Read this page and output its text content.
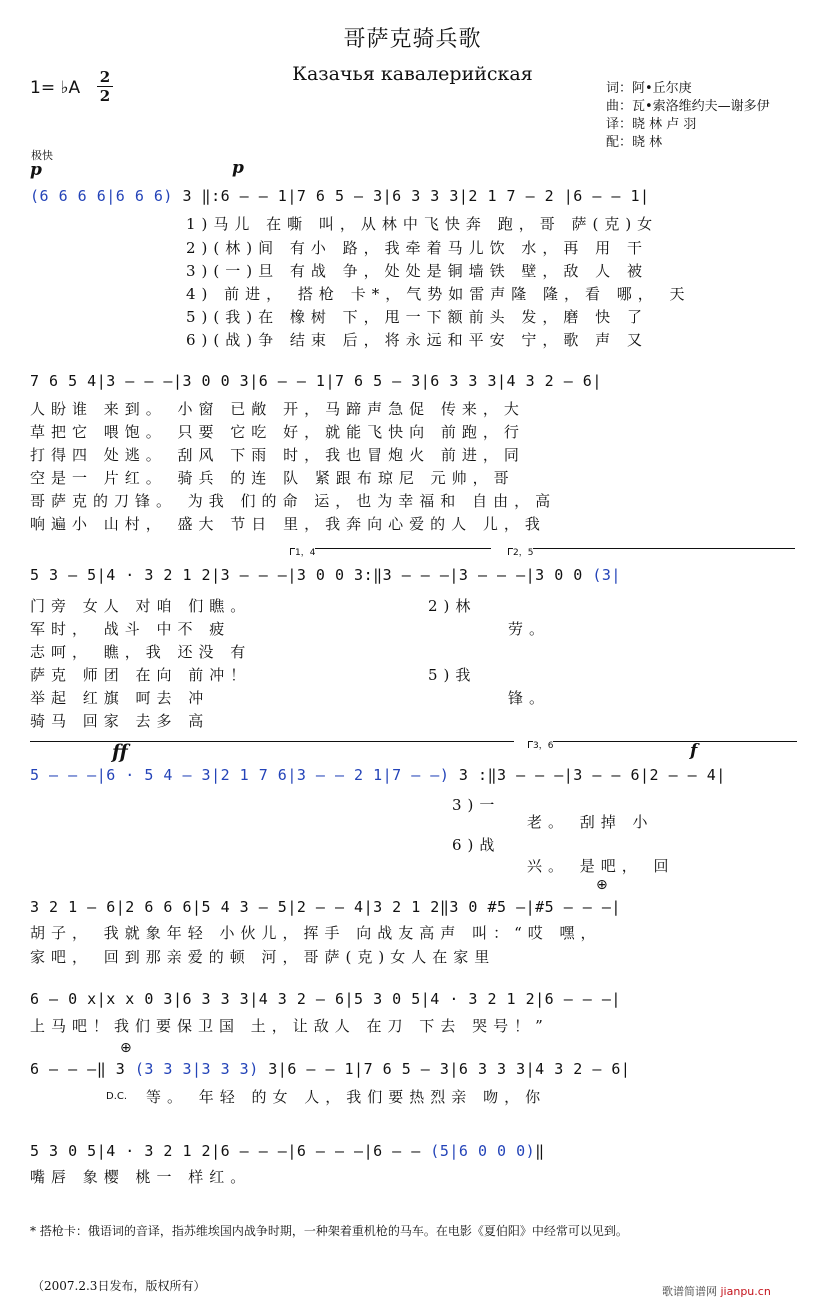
哥萨克骑兵歌
Казачья кавалерийская
1= ♭A
2
2	词：阿•丘尔庚
曲：瓦•索洛维约夫—谢多伊
译：晓 林 卢 羽
配：晓 林
极快
p	p
(6 6 6 6|6 6 6) 3 ‖:6 – – 1|7 6 5 – 3|6 3 3 3|2 1 7 – 2 |6 – – 1|
1)马儿 在嘶 叫，从林中飞快奔 跑，哥 萨(克)女
2)(林)间 有小 路，我牵着马儿饮 水，再 用 干
3)(一)旦 有战 争，处处是铜墙铁 壁，敌 人 被
4) 前进， 搭枪 卡*，气势如雷声隆 隆，看 哪， 天
5)(我)在 橡树 下，甩一下额前头 发，磨 快 了
6)(战)争 结束 后，将永远和平安 宁，歌 声 又
7 6 5 4|3 – – –|3 0 0 3|6 – – 1|7 6 5 – 3|6 3 3 3|4 3 2 – 6|
人盼谁 来到。 小窗 已敞 开，马蹄声急促 传来，大
草把它 喂饱。 只要 它吃 好，就能飞快向 前跑，行
打得四 处逃。 刮风 下雨 时，我也冒炮火 前进，同
空是一 片红。 骑兵 的连 队 紧跟布琼尼 元帅，哥
哥萨克的刀锋。 为我 们的命 运，也为幸福和 自由，高
响遍小 山村， 盛大 节日 里，我奔向心爱的人 儿，我
1，4	2，5
5 3 – 5|4 · 3 2 1 2|3 – – –|3 0 0 3:‖3 – – –|3 – – –|3 0 0 (3|
门旁 女人 对咱 们瞧。
军时， 战斗 中不 疲
志呵， 瞧，我 还没 有
萨克 师团 在向 前冲！
举起 红旗 呵去 冲
骑马 回家 去多 高
2)林
5)我
劳。
锋。
3，6
ff	f
5 – – –|6 · 5 4 – 3|2 1 7 6|3 – – 2 1|7 – –) 3 :‖3 – – –|3 – – 6|2 – – 4|
3)一
老。 刮掉 小
6)战
兴。 是吧， 回
⊕
3 2 1 – 6|2 6 6 6|5 4 3 – 5|2 – – 4|3 2 1 2‖3 0 #5 –|#5 – – –|
胡子， 我就象年轻 小伙儿，挥手 向战友高声 叫：“哎 嘿，
家吧， 回到那亲爱的顿 河，哥萨(克)女人在家里
6 – 0 x|x x 0 3|6 3 3 3|4 3 2 – 6|5 3 0 5|4 · 3 2 1 2|6 – – –|
上马吧！我们要保卫国 土，让敌人 在刀 下去 哭号！”
⊕
6 – – –‖ 3 (3 3 3|3 3 3) 3|6 – – 1|7 6 5 – 3|6 3 3 3|4 3 2 – 6|
D.C. 等。 年轻 的女 人，我们要热烈亲 吻，你
5 3 0 5|4 · 3 2 1 2|6 – – –|6 – – –|6 – – (5|6 0 0 0)‖
嘴唇 象樱 桃一 样红。
* 搭枪卡：俄语词的音译，指苏维埃国内战争时期，一种架着重机枪的马车。在电影《夏伯阳》中经常可以见到。
（2007.2.3日发布，版权所有）	歌谱简谱网 jianpu.cn
